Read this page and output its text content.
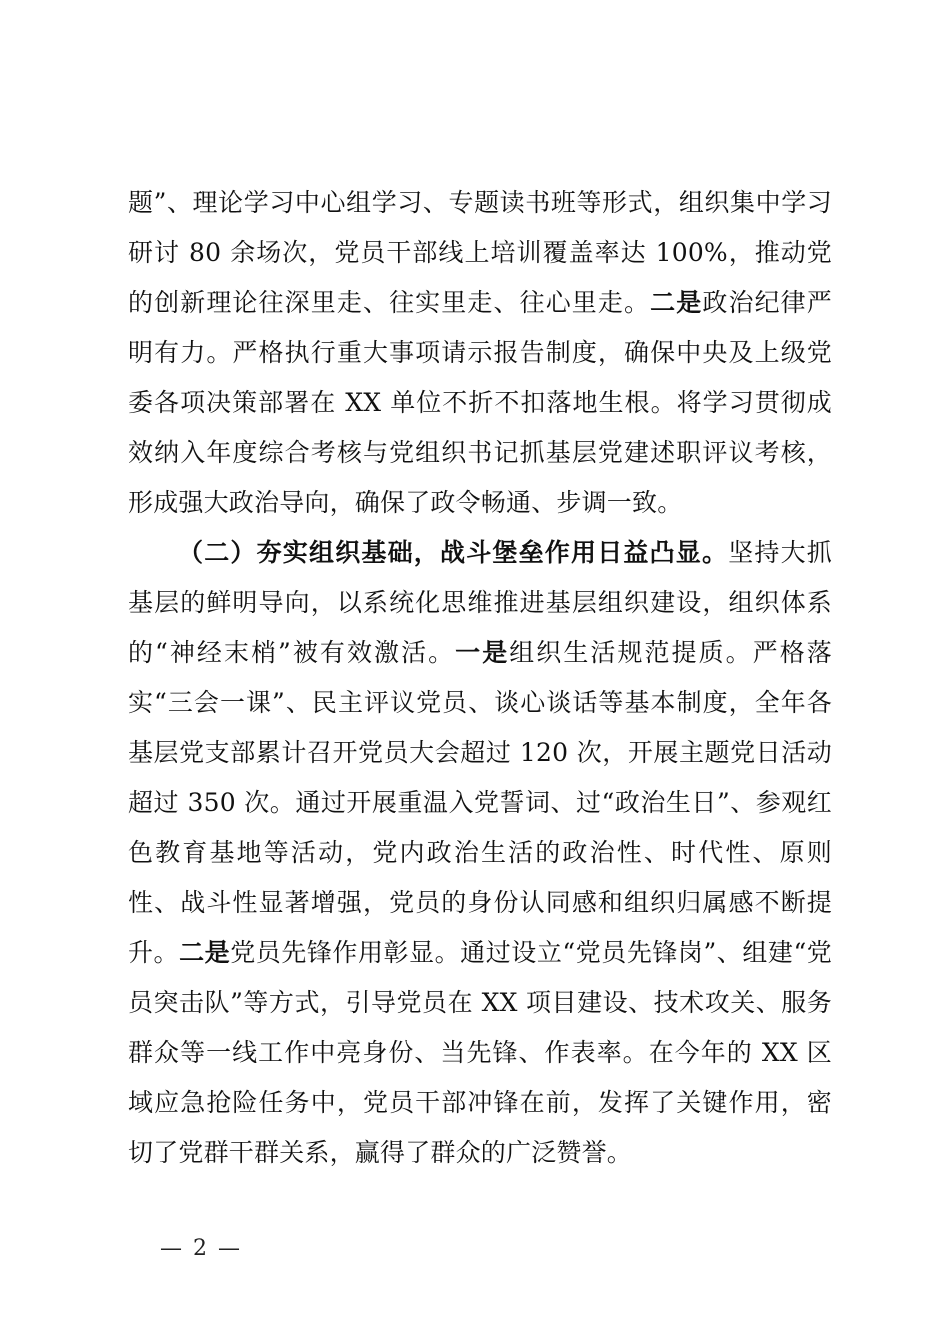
题”、理论学习中心组学习、专题读书班等形式，组织集中学习研讨 80 余场次，党员干部线上培训覆盖率达 100%，推动党的创新理论往深里走、往实里走、往心里走。二是政治纪律严明有力。严格执行重大事项请示报告制度，确保中央及上级党委各项决策部署在 XX 单位不折不扣落地生根。将学习贯彻成效纳入年度综合考核与党组织书记抓基层党建述职评议考核，形成强大政治导向，确保了政令畅通、步调一致。

（二）夯实组织基础，战斗堡垒作用日益凸显。坚持大抓基层的鲜明导向，以系统化思维推进基层组织建设，组织体系的“神经末梢”被有效激活。一是组织生活规范提质。严格落实“三会一课”、民主评议党员、谈心谈话等基本制度，全年各基层党支部累计召开党员大会超过 120 次，开展主题党日活动超过 350 次。通过开展重温入党誓词、过“政治生日”、参观红色教育基地等活动，党内政治生活的政治性、时代性、原则性、战斗性显著增强，党员的身份认同感和组织归属感不断提升。二是党员先锋作用彰显。通过设立“党员先锋岗”、组建“党员突击队”等方式，引导党员在 XX 项目建设、技术攻关、服务群众等一线工作中亮身份、当先锋、作表率。在今年的 XX 区域应急抢险任务中，党员干部冲锋在前，发挥了关键作用，密切了党群干群关系，赢得了群众的广泛赞誉。

— 2 —
